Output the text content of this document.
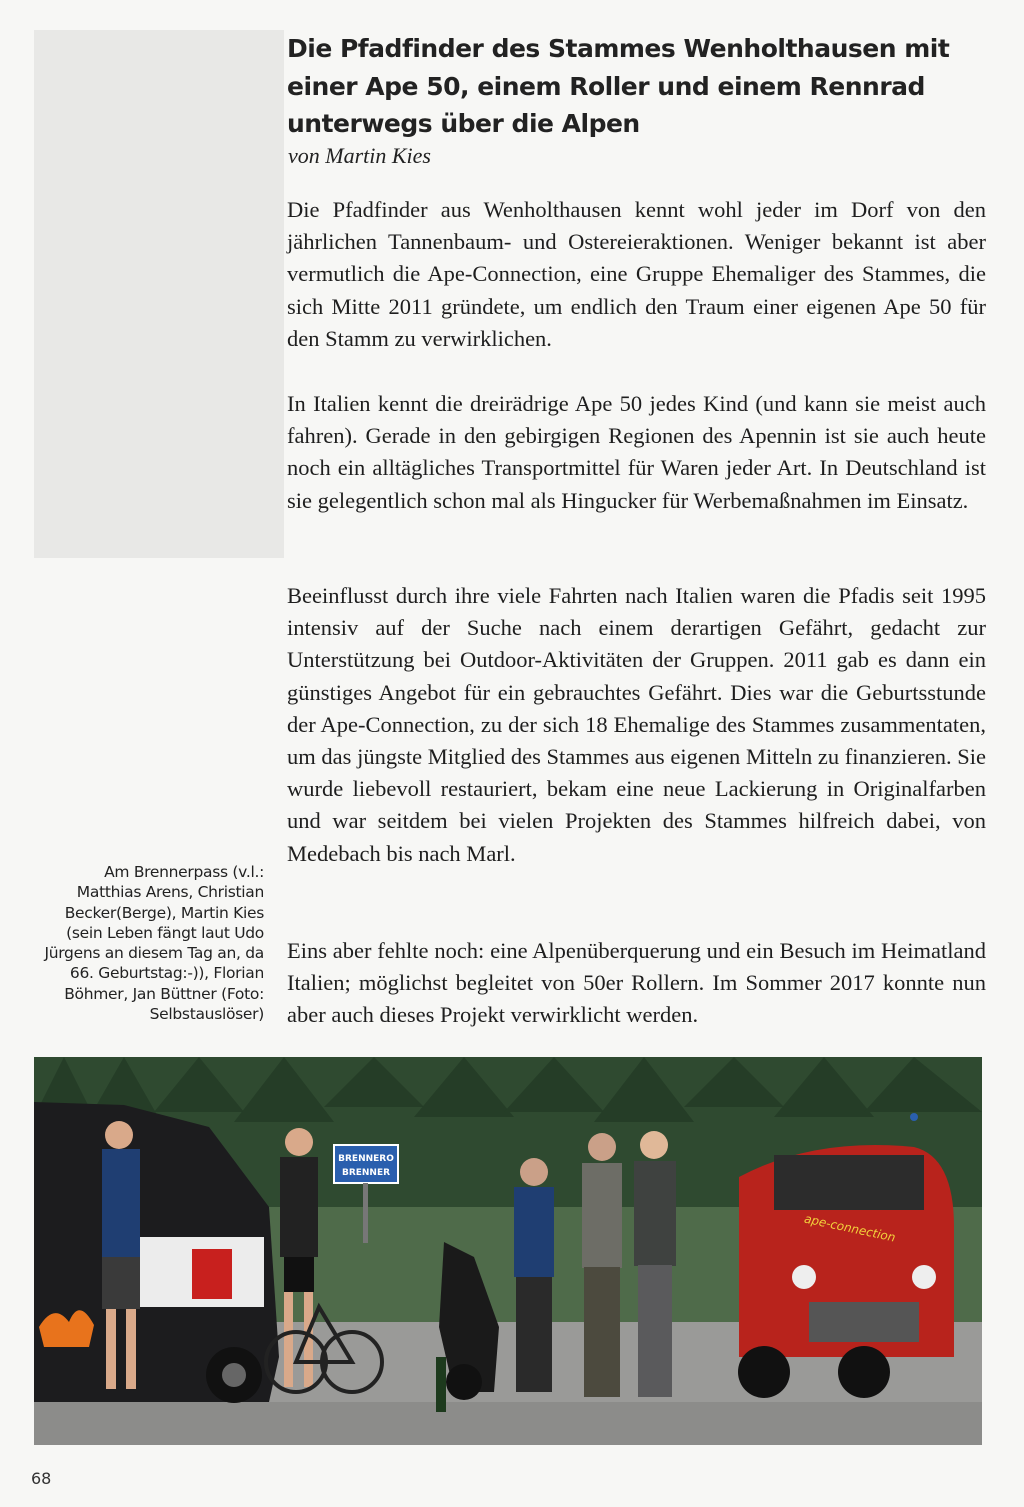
Die Pfadfinder des Stammes Wenholthausen mit einer Ape 50, einem Roller und einem Rennrad unterwegs über die Alpen
von Martin Kies

Die Pfadfinder aus Wenholthausen kennt wohl jeder im Dorf von den jährlichen Tannenbaum- und Ostereieraktionen. Weniger bekannt ist aber vermutlich die Ape-Connection, eine Gruppe Ehemaliger des Stammes, die sich Mitte 2011 gründete, um endlich den Traum einer eigenen Ape 50 für den Stamm zu verwirklichen.

In Italien kennt die dreirädrige Ape 50 jedes Kind (und kann sie meist auch fahren). Gerade in den gebirgigen Regionen des Apennin ist sie auch heute noch ein alltägliches Transportmittel für Waren jeder Art. In Deutschland ist sie gelegentlich schon mal als Hingucker für Werbemaßnahmen im Einsatz.

Beeinflusst durch ihre viele Fahrten nach Italien waren die Pfadis seit 1995 intensiv auf der Suche nach einem derartigen Gefährt, gedacht zur Unterstützung bei Outdoor-Aktivitäten der Gruppen. 2011 gab es dann ein günstiges Angebot für ein gebrauchtes Gefährt. Dies war die Geburtsstunde der Ape-Connection, zu der sich 18 Ehemalige des Stammes zusammentaten, um das jüngste Mitglied des Stammes aus eigenen Mitteln zu finanzieren. Sie wurde liebevoll restauriert, bekam eine neue Lackierung in Originalfarben und war seitdem bei vielen Projekten des Stammes hilfreich dabei, von Medebach bis nach Marl.

Eins aber fehlte noch: eine Alpenüberquerung und ein Besuch im Heimatland Italien; möglichst begleitet von 50er Rollern. Im Sommer 2017 konnte nun aber auch dieses Projekt verwirklicht werden.

Am Brennerpass (v.l.: Matthias Arens, Christian Becker(Berge), Martin Kies (sein Leben fängt laut Udo Jürgens an diesem Tag an, da 66. Geburtstag:-)), Florian Böhmer, Jan Büttner (Foto: Selbstauslöser)
BRENNERO
BRENNER
ape-connection
68
